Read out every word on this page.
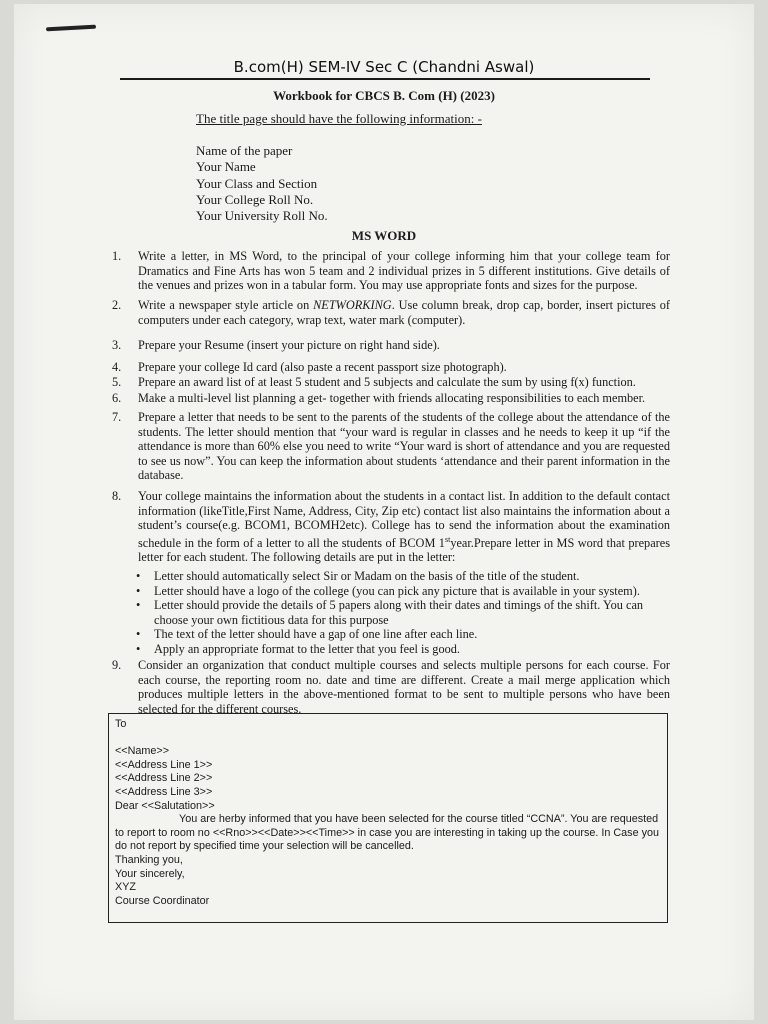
B.com(H) SEM-IV Sec C (Chandni Aswal)
Workbook for CBCS B. Com (H) (2023)
The title page should have the following information: -
Name of the paper
Your Name
Your Class and Section
Your College Roll No.
Your University Roll No.
MS WORD
1. Write a letter, in MS Word, to the principal of your college informing him that your college team for Dramatics and Fine Arts has won 5 team and 2 individual prizes in 5 different institutions. Give details of the venues and prizes won in a tabular form. You may use appropriate fonts and sizes for the purpose.
2. Write a newspaper style article on NETWORKING. Use column break, drop cap, border, insert pictures of computers under each category, wrap text, water mark (computer).
3. Prepare your Resume (insert your picture on right hand side).
4. Prepare your college Id card (also paste a recent passport size photograph).
5. Prepare an award list of at least 5 student and 5 subjects and calculate the sum by using f(x) function.
6. Make a multi-level list planning a get- together with friends allocating responsibilities to each member.
7. Prepare a letter that needs to be sent to the parents of the students of the college about the attendance of the students. The letter should mention that “your ward is regular in classes and he needs to keep it up “if the attendance is more than 60% else you need to write “Your ward is short of attendance and you are requested to see us now”. You can keep the information about students ‘attendance and their parent information in the database.
8. Your college maintains the information about the students in a contact list. In addition to the default contact information (likeTitle,First Name, Address, City, Zip etc) contact list also maintains the information about a student’s course(e.g. BCOM1, BCOMH2etc). College has to send the information about the examination schedule in the form of a letter to all the students of BCOM 1styear.Prepare letter in MS word that prepares letter for each student. The following details are put in the letter:
• Letter should automatically select Sir or Madam on the basis of the title of the student.
• Letter should have a logo of the college (you can pick any picture that is available in your system).
• Letter should provide the details of 5 papers along with their dates and timings of the shift. You can choose your own fictitious data for this purpose
• The text of the letter should have a gap of one line after each line.
• Apply an appropriate format to the letter that you feel is good.
9. Consider an organization that conduct multiple courses and selects multiple persons for each course. For each course, the reporting room no. date and time are different. Create a mail merge application which produces multiple letters in the above-mentioned format to be sent to multiple persons who have been selected for the different courses.
To
<<Name>>
<<Address Line 1>>
<<Address Line 2>>
<<Address Line 3>>
Dear <<Salutation>>
You are herby informed that you have been selected for the course titled “CCNA”. You are requested to report to room no <<Rno>><<Date>><<Time>> in case you are interesting in taking up the course. In Case you do not report by specified time your selection will be cancelled.
Thanking you,
Your sincerely,
XYZ
Course Coordinator
